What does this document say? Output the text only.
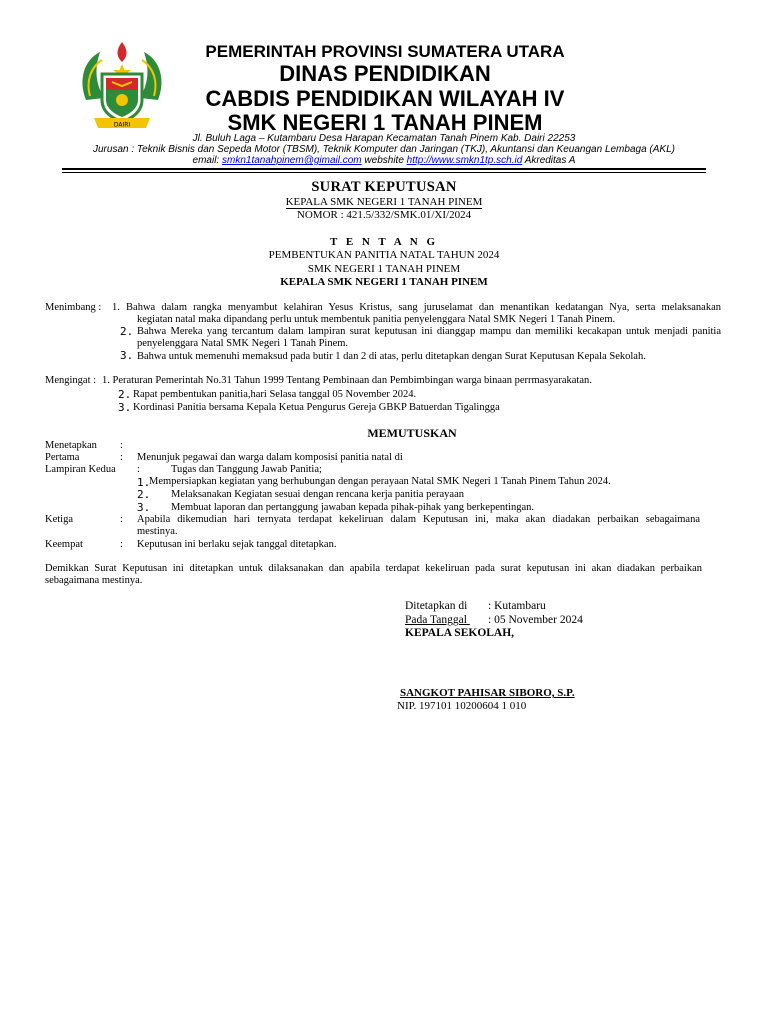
DAIRI
PEMERINTAH PROVINSI SUMATERA UTARA
DINAS PENDIDIKAN
CABDIS PENDIDIKAN WILAYAH IV
SMK NEGERI 1 TANAH PINEM
Jl. Buluh Laga – Kutambaru Desa Harapan Kecamatan Tanah Pinem Kab. Dairi 22253
Jurusan : Teknik Bisnis dan Sepeda Motor (TBSM), Teknik Komputer dan Jaringan (TKJ), Akuntansi dan Keuangan Lembaga (AKL)
email: smkn1tanahpinem@gimail.com webshite http://www.smkn1tp.sch.id Akreditas A
SURAT KEPUTUSAN
KEPALA SMK NEGERI 1 TANAH PINEM
NOMOR : 421.5/332/SMK.01/XI/2024
T E N T A N G
PEMBENTUKAN PANITIA NATAL TAHUN 2024
SMK NEGERI 1 TANAH PINEM
KEPALA SMK NEGERI 1 TANAH PINEM
Menimbang : 1. Bahwa dalam rangka menyambut kelahiran Yesus Kristus, sang juruselamat dan menantikan kedatangan Nya, serta melaksanakan
kegiatan natal maka dipandang perlu untuk membentuk panitia penyelenggara Natal SMK Negeri 1 Tanah Pinem.
2. Bahwa Mereka yang tercantum dalam lampiran surat keputusan ini dianggap mampu dan memiliki kecakapan untuk menjadi panitia
penyelenggara Natal SMK Negeri 1 Tanah Pinem.
3. Bahwa untuk memenuhi memaksud pada butir 1 dan 2 di atas, perlu ditetapkan dengan Surat Keputusan Kepala Sekolah.
Mengingat : 1. Peraturan Pemerintah No.31 Tahun 1999 Tentang Pembinaan dan Pembimbingan warga binaan perrmasyarakatan.
2. Rapat pembentukan panitia,hari Selasa tanggal 05 November 2024.
3. Kordinasi Panitia bersama Kepala Ketua Pengurus Gereja GBKP Batuerdan Tigalingga
MEMUTUSKAN
Menetapkan :
Pertama	: Menunjuk pegawai dan warga dalam komposisi panitia natal di
Lampiran Kedua :	Tugas dan Tanggung Jawab Panitia;
1.
Mempersiapkan kegiatan yang berhubungan dengan perayaan Natal SMK Negeri 1 Tanah Pinem Tahun 2024.
2. Melaksanakan Kegiatan sesuai dengan rencana kerja panitia perayaan
3. Membuat laporan dan pertanggung jawaban kepada pihak-pihak yang berkepentingan.
Ketiga	: Apabila dikemudian hari ternyata terdapat kekeliruan dalam Keputusan ini, maka akan diadakan perbaikan sebagaimana
mestinya.
Keempat	: Keputusan ini berlaku sejak tanggal ditetapkan.
Demikkan Surat Keputusan ini ditetapkan untuk dilaksanakan dan apabila terdapat kekeliruan pada surat keputusan ini akan diadakan perbaikan
sebagaimana mestinya.
Ditetapkan di : Kutambaru
Pada Tanggal : 05 November 2024

KEPALA SEKOLAH,
SANGKOT PAHISAR SIBORO, S.P.
NIP. 197101 10200604 1 010
